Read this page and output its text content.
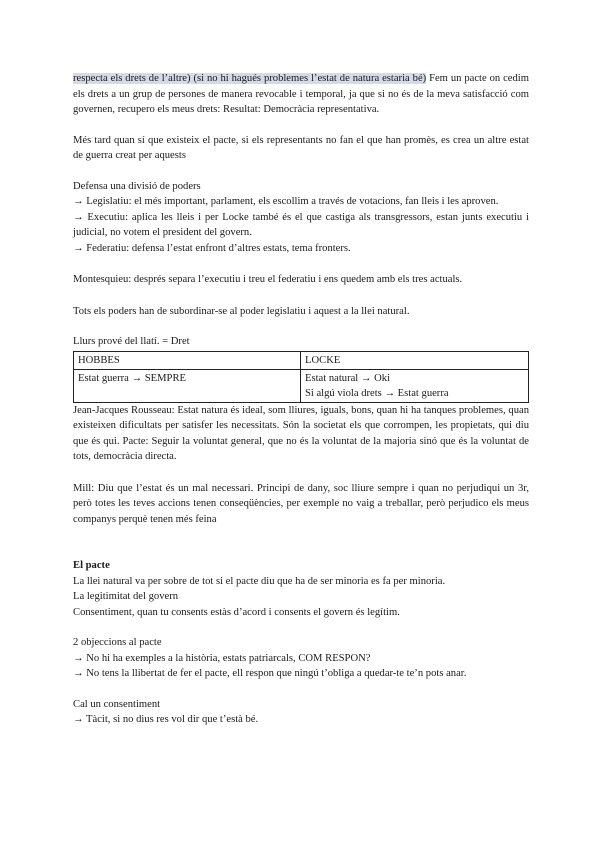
respecta els drets de l’altre) (si no hi hagués problemes l’estat de natura estaria bé) Fem un pacte on cedim els drets a un grup de persones de manera revocable i temporal, ja que si no és de la meva satisfacció com governen, recupero els meus drets: Resultat: Democràcia representativa.

Més tard quan sí que existeix el pacte, si els representants no fan el que han promès, es crea un altre estat de guerra creat per aquests

Defensa una divisió de poders

→ Legislatiu: el més important, parlament, els escollim a través de votacions, fan lleis i les aproven.

→ Executiu: aplica les lleis i per Locke també és el que castiga als transgressors, estan junts executiu i judicial, no votem el president del govern.

→ Federatiu: defensa l’estat enfront d’altres estats, tema fronters.

Montesquieu: després separa l’executiu i treu el federatiu i ens quedem amb els tres actuals.

Tots els poders han de subordinar-se al poder legislatiu i aquest a la llei natural.

Llurs prové del llatí. = Dret

HOBBES	LOCKE
Estat guerra → SEMPRE	Estat natural → Oki
Si algú viola drets → Estat guerra

Jean-Jacques Rousseau: Estat natura és ideal, som lliures, iguals, bons, quan hi ha tanques problemes, quan existeixen dificultats per satisfer les necessitats. Són la societat els que corrompen, les propietats, qui diu que és qui. Pacte: Seguir la voluntat general, que no és la voluntat de la majoria sinó que és la voluntat de tots, democràcia directa.

Mill: Diu que l’estat és un mal necessari. Principi de dany, soc lliure sempre i quan no perjudiqui un 3r, però totes les teves accions tenen conseqüències, per exemple no vaig a treballar, però perjudico els meus companys perquè tenen més feina

El pacte

La llei natural va per sobre de tot si el pacte diu que ha de ser minoria es fa per minoria.

La legitimitat del govern

Consentiment, quan tu consents estàs d’acord i consents el govern és legítim.

2 objeccions al pacte

→ No hi ha exemples a la història, estats patriarcals, COM RESPON?

→ No tens la llibertat de fer el pacte, ell respon que ningú t’obliga a quedar-te te’n pots anar.

Cal un consentiment

→ Tàcit, si no dius res vol dir que t’està bé.
